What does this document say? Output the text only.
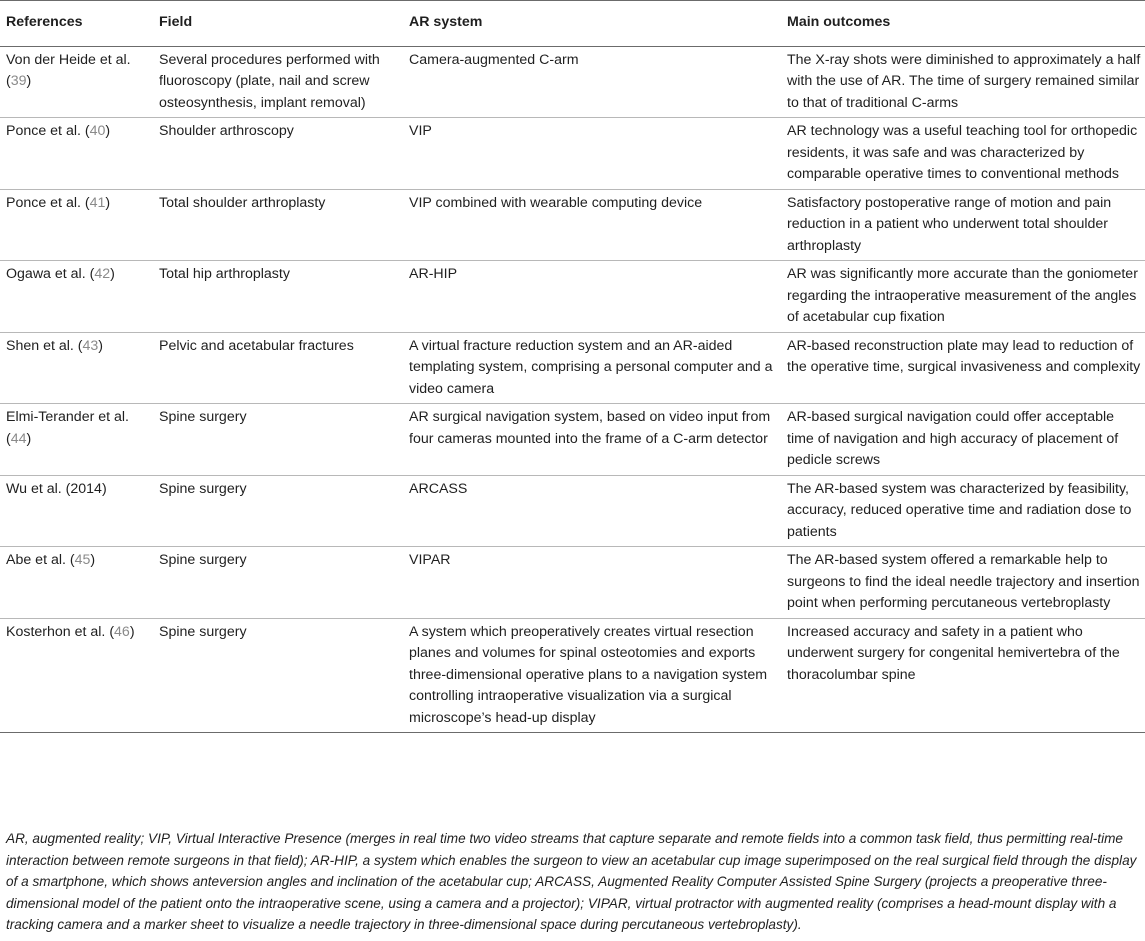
References	Field	AR system	Main outcomes
Von der Heide et al. (39)	Several procedures performed with fluoroscopy (plate, nail and screw osteosynthesis, implant removal)	Camera-augmented C-arm	The X-ray shots were diminished to approximately a half with the use of AR. The time of surgery remained similar to that of traditional C-arms
Ponce et al. (40)	Shoulder arthroscopy	VIP	AR technology was a useful teaching tool for orthopedic residents, it was safe and was characterized by comparable operative times to conventional methods
Ponce et al. (41)	Total shoulder arthroplasty	VIP combined with wearable computing device	Satisfactory postoperative range of motion and pain reduction in a patient who underwent total shoulder arthroplasty
Ogawa et al. (42)	Total hip arthroplasty	AR-HIP	AR was significantly more accurate than the goniometer regarding the intraoperative measurement of the angles of acetabular cup fixation
Shen et al. (43)	Pelvic and acetabular fractures	A virtual fracture reduction system and an AR-aided templating system, comprising a personal computer and a video camera	AR-based reconstruction plate may lead to reduction of the operative time, surgical invasiveness and complexity
Elmi-Terander et al. (44)	Spine surgery	AR surgical navigation system, based on video input from four cameras mounted into the frame of a C-arm detector	AR-based surgical navigation could offer acceptable time of navigation and high accuracy of placement of pedicle screws
Wu et al. (2014)	Spine surgery	ARCASS	The AR-based system was characterized by feasibility, accuracy, reduced operative time and radiation dose to patients
Abe et al. (45)	Spine surgery	VIPAR	The AR-based system offered a remarkable help to surgeons to find the ideal needle trajectory and insertion point when performing percutaneous vertebroplasty
Kosterhon et al. (46)	Spine surgery	A system which preoperatively creates virtual resection planes and volumes for spinal osteotomies and exports three-dimensional operative plans to a navigation system controlling intraoperative visualization via a surgical microscope’s head-up display	Increased accuracy and safety in a patient who underwent surgery for congenital hemivertebra of the thoracolumbar spine
AR, augmented reality; VIP, Virtual Interactive Presence (merges in real time two video streams that capture separate and remote fields into a common task field, thus permitting real-time interaction between remote surgeons in that field); AR-HIP, a system which enables the surgeon to view an acetabular cup image superimposed on the real surgical field through the display of a smartphone, which shows anteversion angles and inclination of the acetabular cup; ARCASS, Augmented Reality Computer Assisted Spine Surgery (projects a preoperative three-dimensional model of the patient onto the intraoperative scene, using a camera and a projector); VIPAR, virtual protractor with augmented reality (comprises a head-mount display with a tracking camera and a marker sheet to visualize a needle trajectory in three-dimensional space during percutaneous vertebroplasty).
